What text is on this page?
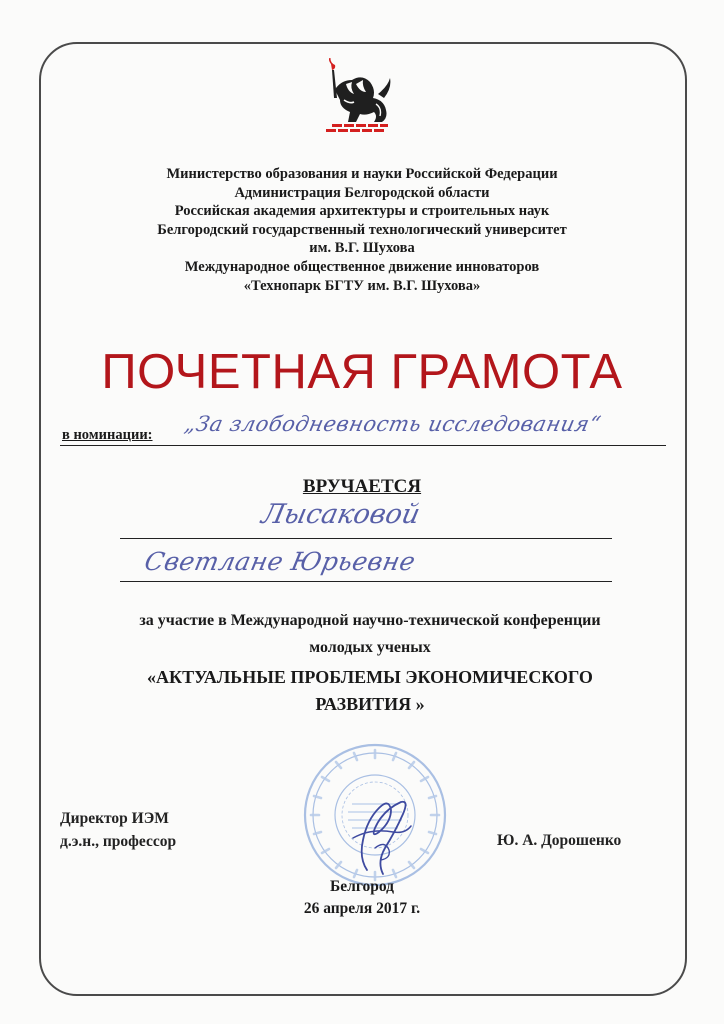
Министерство образования и науки Российской Федерации
Администрация Белгородской области
Российская академия архитектуры и строительных наук
Белгородский государственный технологический университет
им. В.Г. Шухова
Международное общественное движение инноваторов
«Технопарк БГТУ им. В.Г. Шухова»
ПОЧЕТНАЯ ГРАМОТА
в номинации: „За злободневность исследования“
ВРУЧАЕТСЯ
Лысаковой
Светлане Юрьевне
за участие в Международной научно-технической конференции
молодых ученых
«АКТУАЛЬНЫЕ ПРОБЛЕМЫ ЭКОНОМИЧЕСКОГО
РАЗВИТИЯ »
Директор ИЭМ
д.э.н., профессор	Ю. А. Дорошенко
Белгород
26 апреля 2017 г.
